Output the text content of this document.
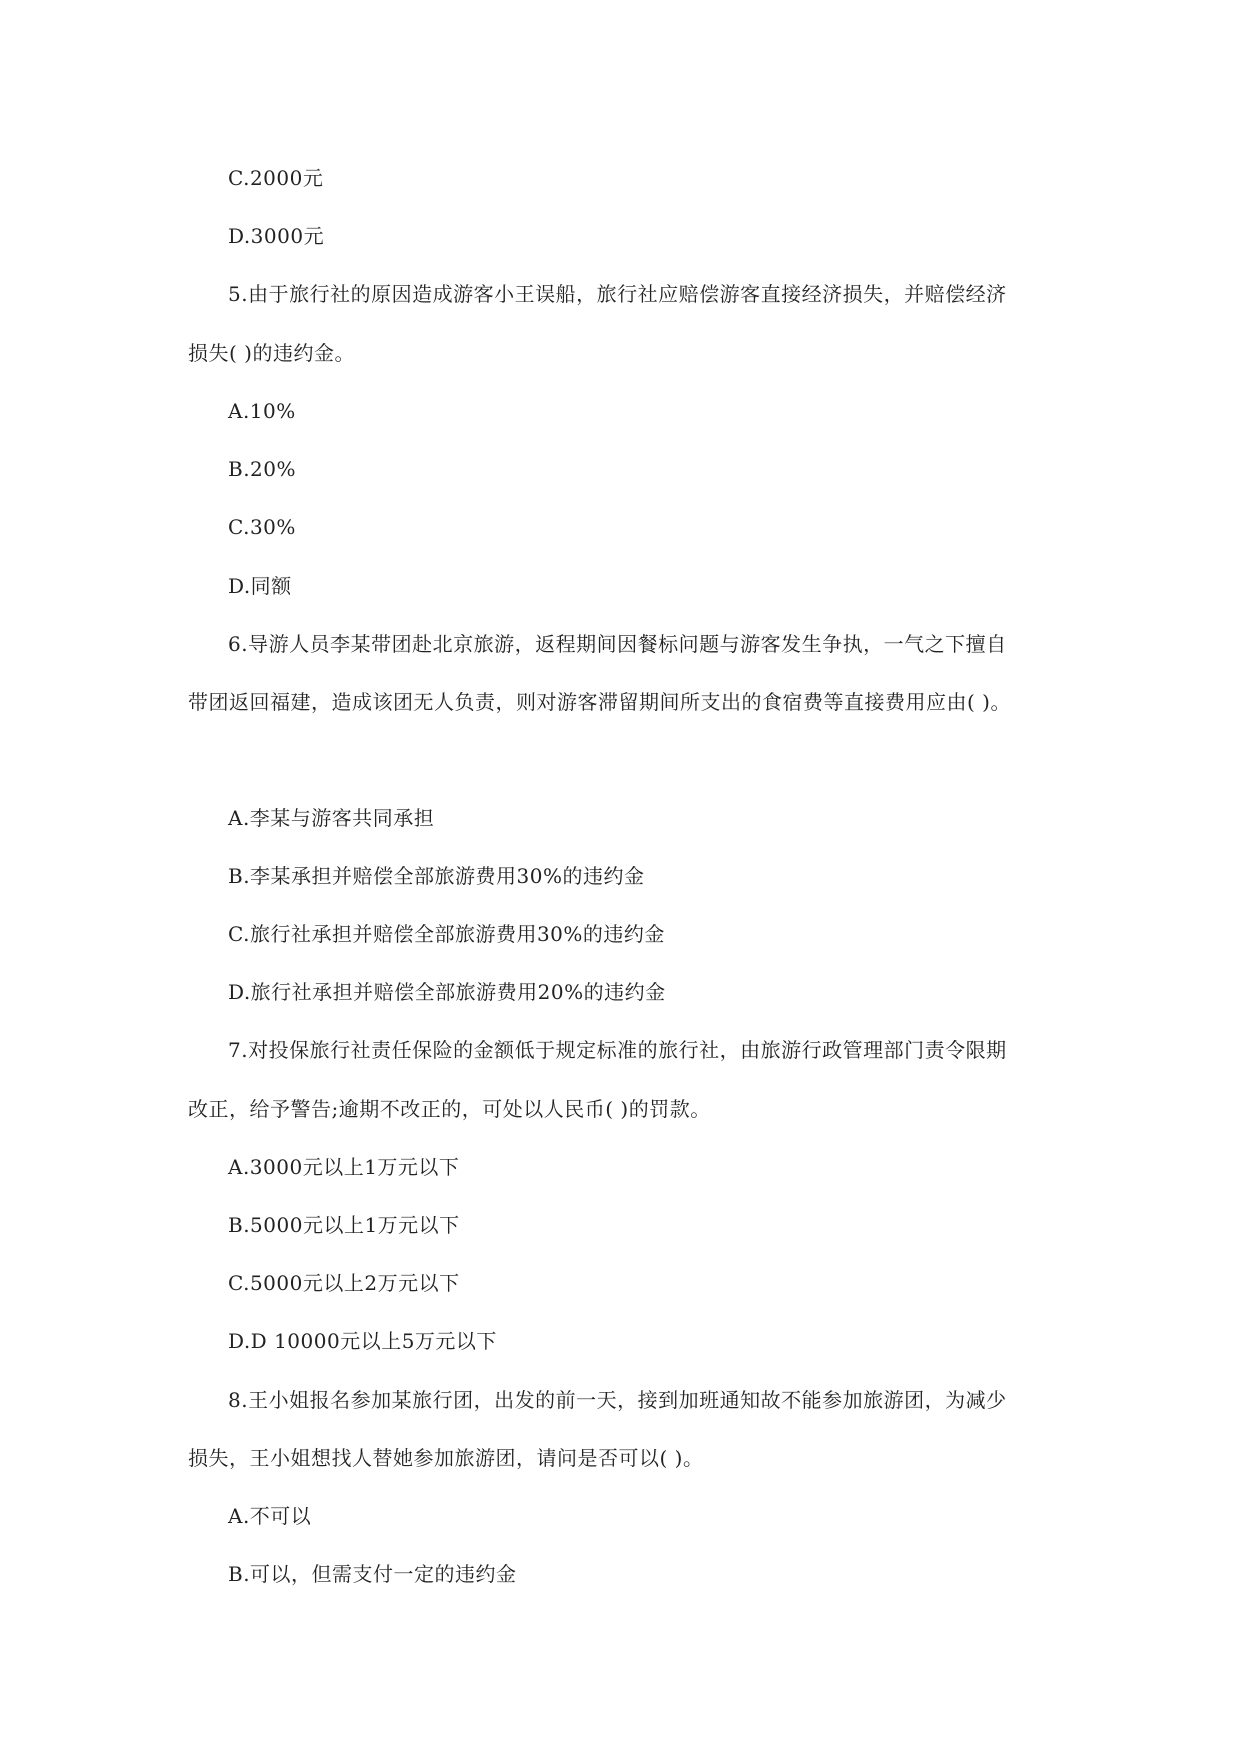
C.2000元
D.3000元
5.由于旅行社的原因造成游客小王误船，旅行社应赔偿游客直接经济损失，并赔偿经济
损失( )的违约金。
A.10%
B.20%
C.30%
D.同额
6.导游人员李某带团赴北京旅游，返程期间因餐标问题与游客发生争执，一气之下擅自
带团返回福建，造成该团无人负责，则对游客滞留期间所支出的食宿费等直接费用应由( )。
A.李某与游客共同承担
B.李某承担并赔偿全部旅游费用30%的违约金
C.旅行社承担并赔偿全部旅游费用30%的违约金
D.旅行社承担并赔偿全部旅游费用20%的违约金
7.对投保旅行社责任保险的金额低于规定标准的旅行社，由旅游行政管理部门责令限期
改正，给予警告;逾期不改正的，可处以人民币( )的罚款。
A.3000元以上1万元以下
B.5000元以上1万元以下
C.5000元以上2万元以下
D.D 10000元以上5万元以下
8.王小姐报名参加某旅行团，出发的前一天，接到加班通知故不能参加旅游团，为减少
损失，王小姐想找人替她参加旅游团，请问是否可以( )。
A.不可以
B.可以，但需支付一定的违约金
